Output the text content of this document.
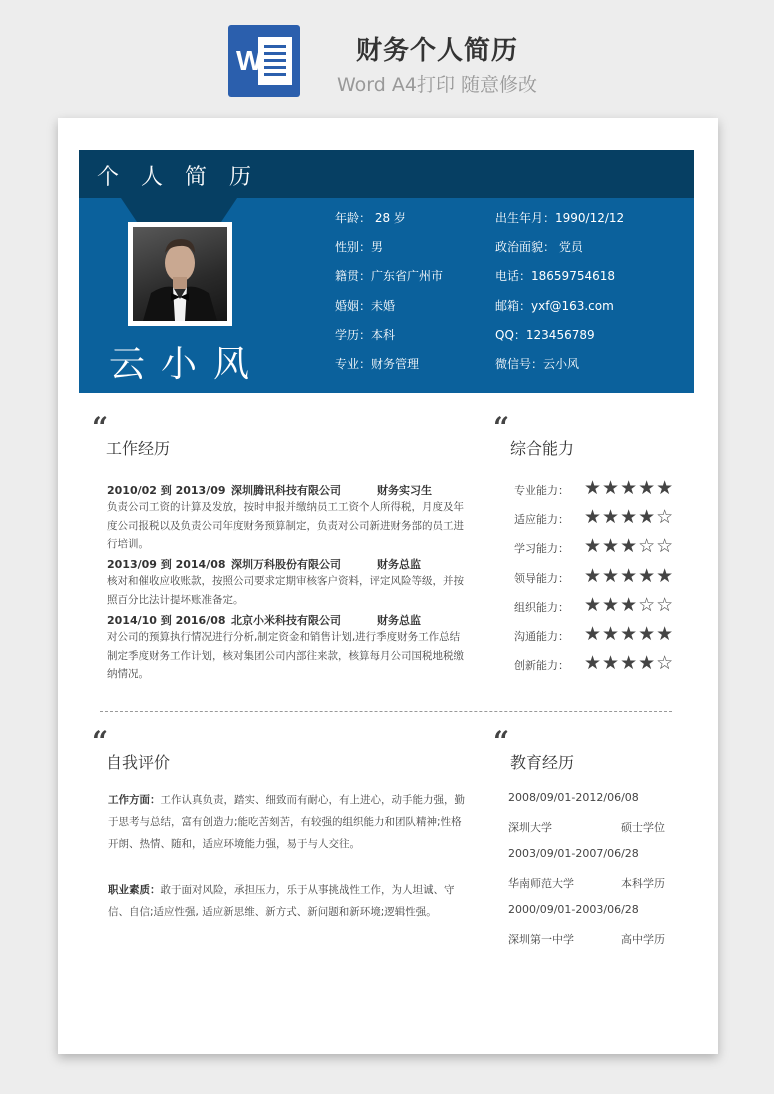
W	财务个人简历
Word A4打印 随意修改
个人简历
云小风
年龄： 28 岁
性别：男
籍贯：广东省广州市
婚姻：未婚
学历：本科
专业：财务管理
出生年月：1990/12/12
政治面貌： 党员
电话：18659754618
邮箱：yxf@163.com
QQ：123456789
微信号：云小风
“
工作经历
2010/02 到 2013/09 深圳腾讯科技有限公司	财务实习生
负责公司工资的计算及发放，按时申报并缴纳员工工资个人所得税，月度及年度公司报税以及负责公司年度财务预算制定，负责对公司新进财务部的员工进行培训。
2013/09 到 2014/08 深圳万科股份有限公司	财务总监
核对和催收应收账款，按照公司要求定期审核客户资料，评定风险等级，并按照百分比法计提坏账准备定。
2014/10 到 2016/08 北京小米科技有限公司	财务总监
对公司的预算执行情况进行分析,制定资金和销售计划,进行季度财务工作总结制定季度财务工作计划，核对集团公司内部往来款，核算每月公司国税地税缴纳情况。
“
综合能力
专业能力： ★★★★★
适应能力： ★★★★☆
学习能力： ★★★☆☆
领导能力： ★★★★★
组织能力： ★★★☆☆
沟通能力： ★★★★★
创新能力： ★★★★☆
“
自我评价
工作方面：工作认真负责，踏实、细致而有耐心，有上进心，动手能力强，勤于思考与总结，富有创造力;能吃苦刻苦，有较强的组织能力和团队精神;性格开朗、热情、随和，适应环境能力强，易于与人交往。
职业素质：敢于面对风险，承担压力，乐于从事挑战性工作，为人坦诚、守信、自信;适应性强, 适应新思维、新方式、新问题和新环境;逻辑性强。
“
教育经历
2008/09/01-2012/06/08
深圳大学	硕士学位
2003/09/01-2007/06/28
华南师范大学	本科学历
2000/09/01-2003/06/28
深圳第一中学	高中学历
